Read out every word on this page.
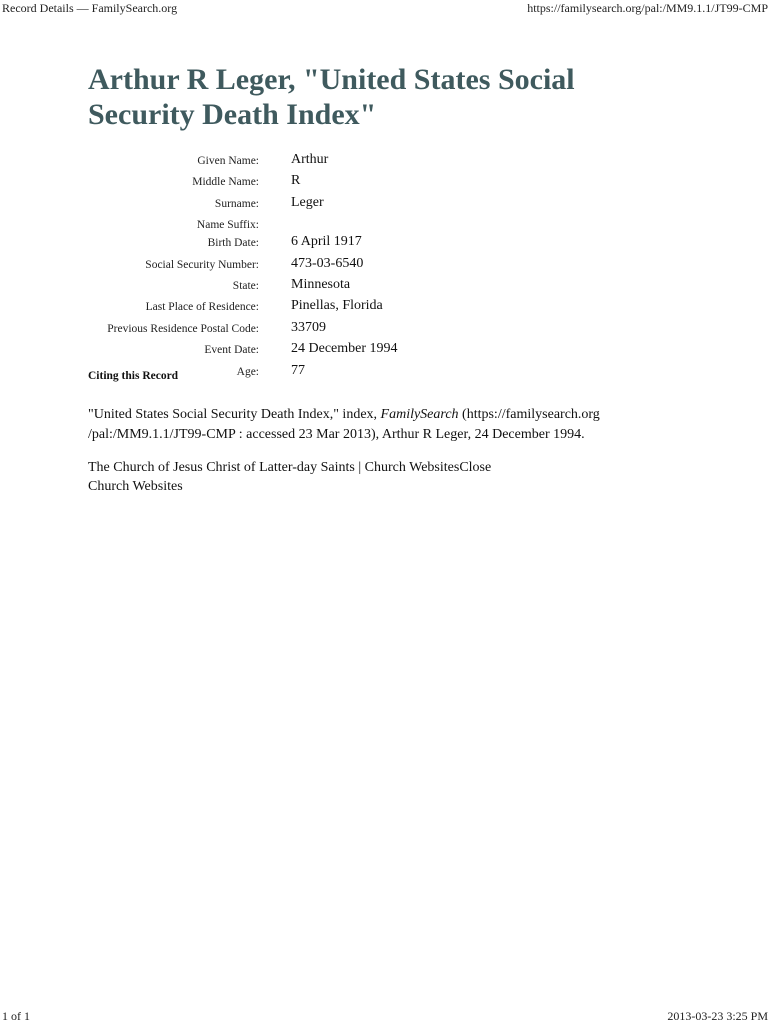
Record Details — FamilySearch.org	https://familysearch.org/pal:/MM9.1.1/JT99-CMP
Arthur R Leger, "United States Social Security Death Index"
Given Name:	Arthur
Middle Name:	R
Surname:	Leger
Name Suffix:	
Birth Date:	6 April 1917
Social Security Number:	473-03-6540
State:	Minnesota
Last Place of Residence:	Pinellas, Florida
Previous Residence Postal Code:	33709
Event Date:	24 December 1994
Age:	77
Citing this Record

"United States Social Security Death Index," index, FamilySearch (https://familysearch.org /pal:/MM9.1.1/JT99-CMP : accessed 23 Mar 2013), Arthur R Leger, 24 December 1994.

The Church of Jesus Christ of Latter-day Saints | Church WebsitesClose
Church Websites
1 of 1	2013-03-23 3:25 PM
